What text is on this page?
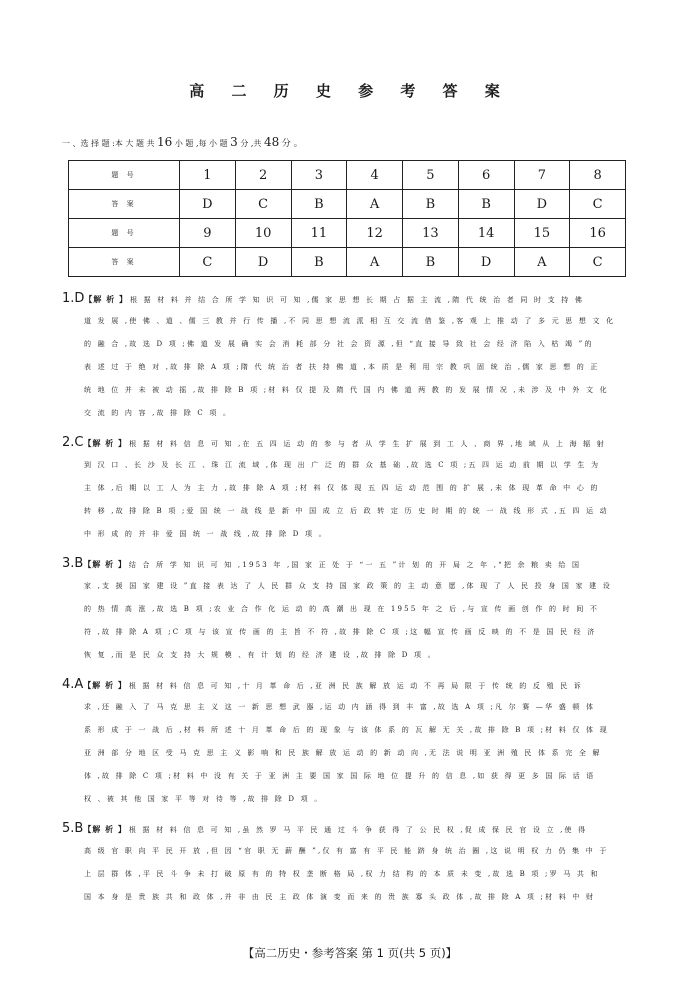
高 二 历 史 参 考 答 案
一 、选 择 题 :本 大 题 共 16 小 题 ,每 小 题 3 分 ,共 48 分 。
题 号	1	2	3	4	5	6	7	8
答 案	D	C	B	A	B	B	D	C
题 号	9	10	11	12	13	14	15	16
答 案	C	D	B	A	B	D	A	C
1.D【解 析 】 根 据 材 料 并 结 合 所 学 知 识 可 知 ,儒 家 思 想 长 期 占 据 主 流 ,隋 代 统 治 者 同 时 支 持 佛
道 发 展 ,使 佛 、道 、儒 三 教 并 行 传 播 ,不 同 思 想 流 派 相 互 交 流 借 鉴 ,客 观 上 推 动 了 多 元 思 想 文 化
的 融 合 ,故 选 D 项 ;佛 道 发 展 确 实 会 消 耗 部 分 社 会 资 源 ,但 “直 接 导 致 社 会 经 济 陷 入 枯 竭 ”的
表 述 过 于 绝 对 ,故 排 除 A 项 ;隋 代 统 治 者 扶 持 佛 道 ,本 质 是 利 用 宗 教 巩 固 统 治 ,儒 家 思 想 的 正
统 地 位 并 未 被 动 摇 ,故 排 除 B 项 ;材 料 仅 提 及 隋 代 国 内 佛 道 两 教 的 发 展 情 况 ,未 涉 及 中 外 文 化
交 流 的 内 容 ,故 排 除 C 项 。
2.C【解 析 】 根 据 材 料 信 息 可 知 ,在 五 四 运 动 的 参 与 者 从 学 生 扩 展 到 工 人 、商 界 ,地 域 从 上 海 辐 射
到 汉 口 、长 沙 及 长 江 、珠 江 流 域 ,体 现 出 广 泛 的 群 众 基 础 ,故 选 C 项 ;五 四 运 动 前 期 以 学 生 为
主 体 ,后 期 以 工 人 为 主 力 ,故 排 除 A 项 ;材 料 仅 体 现 五 四 运 动 范 围 的 扩 展 ,未 体 现 革 命 中 心 的
转 移 ,故 排 除 B 项 ;爱 国 统 一 战 线 是 新 中 国 成 立 后 政 转 定 历 史 时 期 的 统 一 战 线 形 式 ,五 四 运 动
中 形 成 的 并 非 爱 国 统 一 战 线 ,故 排 除 D 项 。
3.B【解 析 】 结 合 所 学 知 识 可 知 ,1953 年 ,国 家 正 处 于 “一 五 ”计 划 的 开 局 之 年 ,“把 余 粮 卖 给 国
家 ,支 援 国 家 建 设 ”直 接 表 达 了 人 民 群 众 支 持 国 家 政 策 的 主 动 意 愿 ,体 现 了 人 民 投 身 国 家 建 设
的 热 情 高 涨 ,故 选 B 项 ;农 业 合 作 化 运 动 的 高 潮 出 现 在 1955 年 之 后 ,与 宣 传 画 创 作 的 时 间 不
符 ,故 排 除 A 项 ;C 项 与 该 宣 传 画 的 主 旨 不 符 ,故 排 除 C 项 ;这 幅 宣 传 画 反 映 的 不 是 国 民 经 济
恢 复 ,而 是 民 众 支 持 大 规 模 、有 计 划 的 经 济 建 设 ,故 排 除 D 项 。
4.A【解 析 】 根 据 材 料 信 息 可 知 ,十 月 革 命 后 ,亚 洲 民 族 解 放 运 动 不 再 局 限 于 传 统 的 反 殖 民 诉
求 ,还 融 入 了 马 克 思 主 义 这 一 新 思 想 武 器 ,运 动 内 涵 得 到 丰 富 ,故 选 A 项 ;凡 尔 赛 —华 盛 顿 体
系 形 成 于 一 战 后 ,材 料 所 述 十 月 革 命 后 的 现 象 与 该 体 系 的 瓦 解 无 关 ,故 排 除 B 项 ;材 料 仅 体 现
亚 洲 部 分 地 区 受 马 克 思 主 义 影 响 和 民 族 解 放 运 动 的 新 动 向 ,无 法 说 明 亚 洲 殖 民 体 系 完 全 解
体 ,故 排 除 C 项 ;材 料 中 没 有 关 于 亚 洲 主 要 国 家 国 际 地 位 提 升 的 信 息 ,如 获 得 更 多 国 际 话 语
权 、被 其 他 国 家 平 等 对 待 等 ,故 排 除 D 项 。
5.B【解 析 】 根 据 材 料 信 息 可 知 ,虽 然 罗 马 平 民 通 过 斗 争 获 得 了 公 民 权 ,促 成 保 民 官 设 立 ,使 得
高 级 官 职 向 平 民 开 放 ,但 因 “官 职 无 薪 酬 ”,仅 有 富 有 平 民 能 跻 身 统 治 圈 ,这 说 明 权 力 仍 集 中 于
上 层 群 体 ,平 民 斗 争 未 打 破 原 有 的 特 权 垄 断 格 局 ,权 力 结 构 的 本 质 未 变 ,故 选 B 项 ;罗 马 共 和
国 本 身 是 贵 族 共 和 政 体 ,并 非 由 民 主 政 体 演 变 而 来 的 贵 族 寡 头 政 体 ,故 排 除 A 项 ;材 料 中 财
【高二历史・参考答案 第 1 页(共 5 页)】
